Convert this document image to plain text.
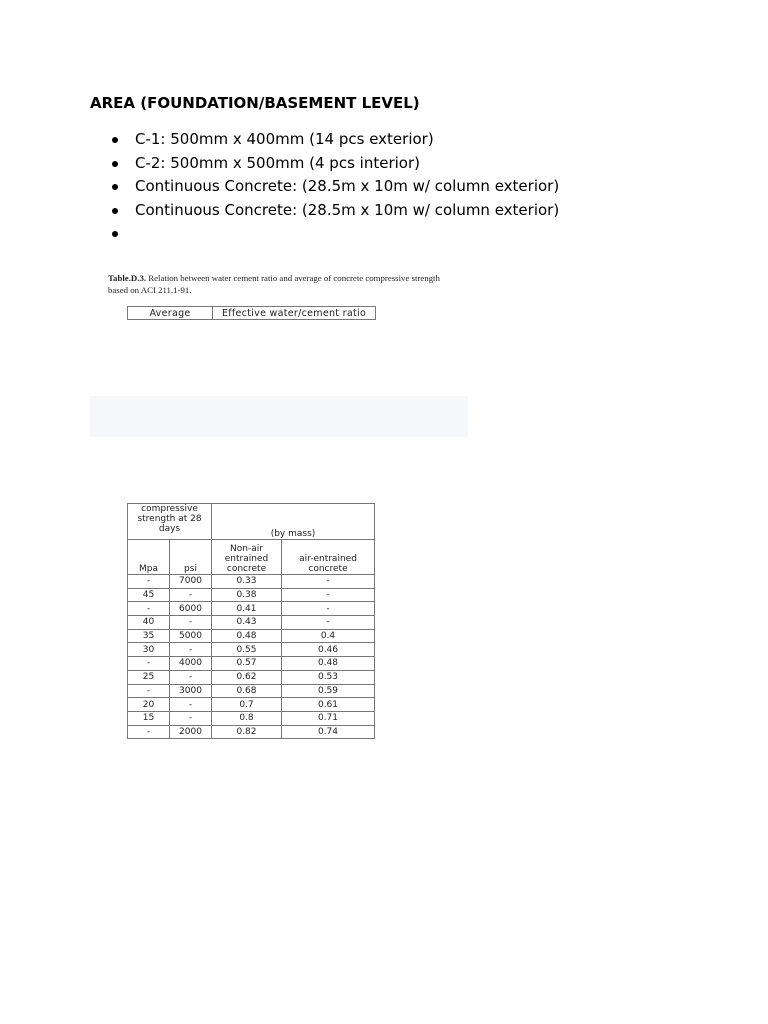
AREA (FOUNDATION/BASEMENT LEVEL)
C-1: 500mm x 400mm (14 pcs exterior)
C-2: 500mm x 500mm (4 pcs interior)
Continuous Concrete: (28.5m x 10m w/ column exterior)
Continuous Concrete: (28.5m x 10m w/ column exterior)
Table.D.3. Relation between water cement ratio and average of concrete compressive strength
based on ACI 211.1-91.
Average	Effective water/cement ratio
compressive strength at 28 days		(by mass)	
Mpa	psi	Non-air entrained concrete	air-entrained concrete
-	7000	0.33	-
45	-	0.38	-
-	6000	0.41	-
40	-	0.43	-
35	5000	0.48	0.4
30	-	0.55	0.46
-	4000	0.57	0.48
25	-	0.62	0.53
-	3000	0.68	0.59
20	-	0.7	0.61
15	-	0.8	0.71
-	2000	0.82	0.74
